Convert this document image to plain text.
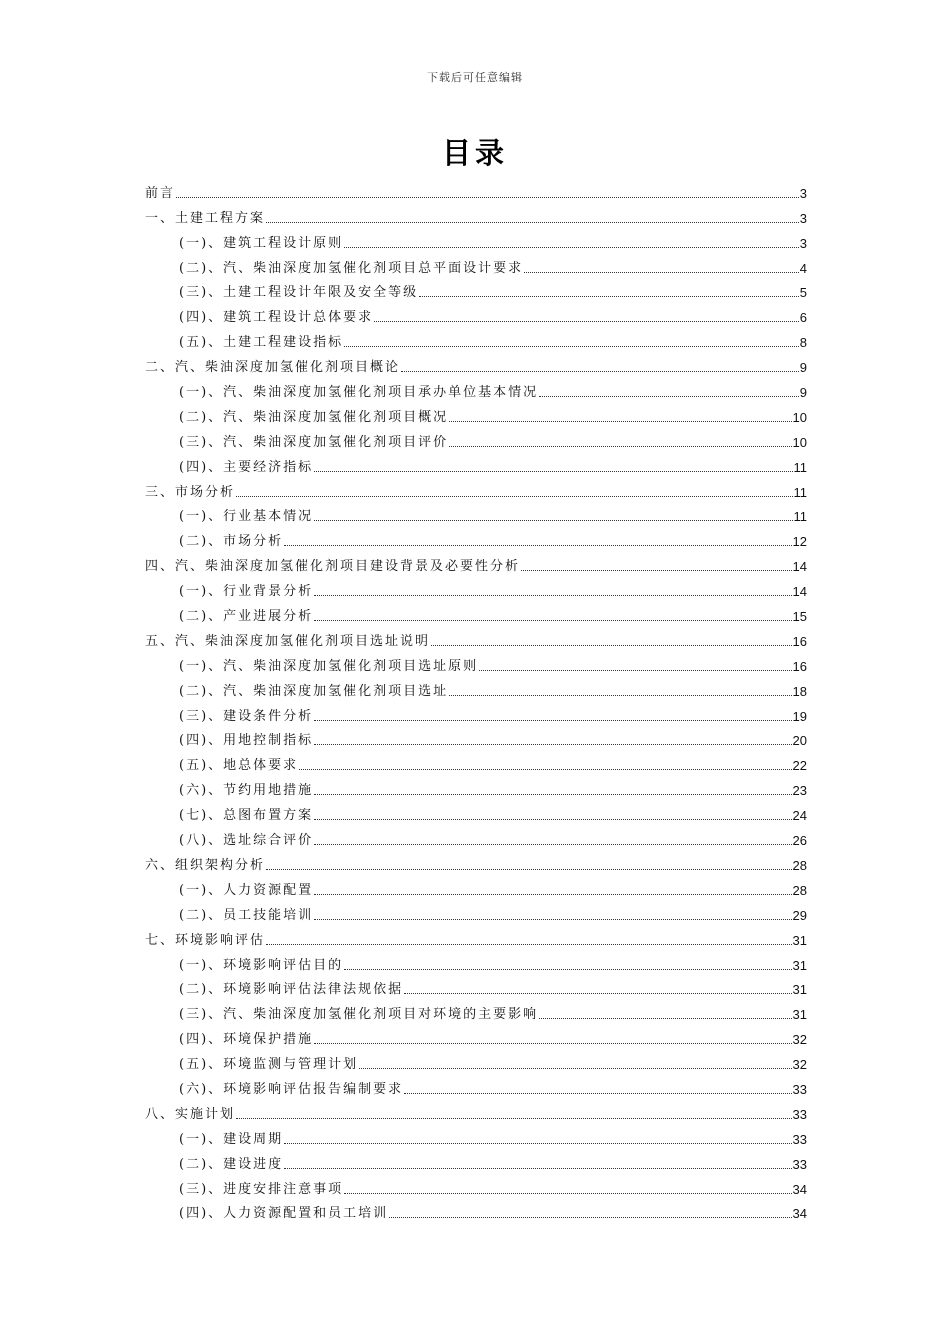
下载后可任意编辑
目录
前言	3
一、土建工程方案	3
(一)、建筑工程设计原则	3
(二)、汽、柴油深度加氢催化剂项目总平面设计要求	4
(三)、土建工程设计年限及安全等级	5
(四)、建筑工程设计总体要求	6
(五)、土建工程建设指标	8
二、汽、柴油深度加氢催化剂项目概论	9
(一)、汽、柴油深度加氢催化剂项目承办单位基本情况	9
(二)、汽、柴油深度加氢催化剂项目概况	10
(三)、汽、柴油深度加氢催化剂项目评价	10
(四)、主要经济指标	11
三、市场分析	11
(一)、行业基本情况	11
(二)、市场分析	12
四、汽、柴油深度加氢催化剂项目建设背景及必要性分析	14
(一)、行业背景分析	14
(二)、产业进展分析	15
五、汽、柴油深度加氢催化剂项目选址说明	16
(一)、汽、柴油深度加氢催化剂项目选址原则	16
(二)、汽、柴油深度加氢催化剂项目选址	18
(三)、建设条件分析	19
(四)、用地控制指标	20
(五)、地总体要求	22
(六)、节约用地措施	23
(七)、总图布置方案	24
(八)、选址综合评价	26
六、组织架构分析	28
(一)、人力资源配置	28
(二)、员工技能培训	29
七、环境影响评估	31
(一)、环境影响评估目的	31
(二)、环境影响评估法律法规依据	31
(三)、汽、柴油深度加氢催化剂项目对环境的主要影响	31
(四)、环境保护措施	32
(五)、环境监测与管理计划	32
(六)、环境影响评估报告编制要求	33
八、实施计划	33
(一)、建设周期	33
(二)、建设进度	33
(三)、进度安排注意事项	34
(四)、人力资源配置和员工培训	34
